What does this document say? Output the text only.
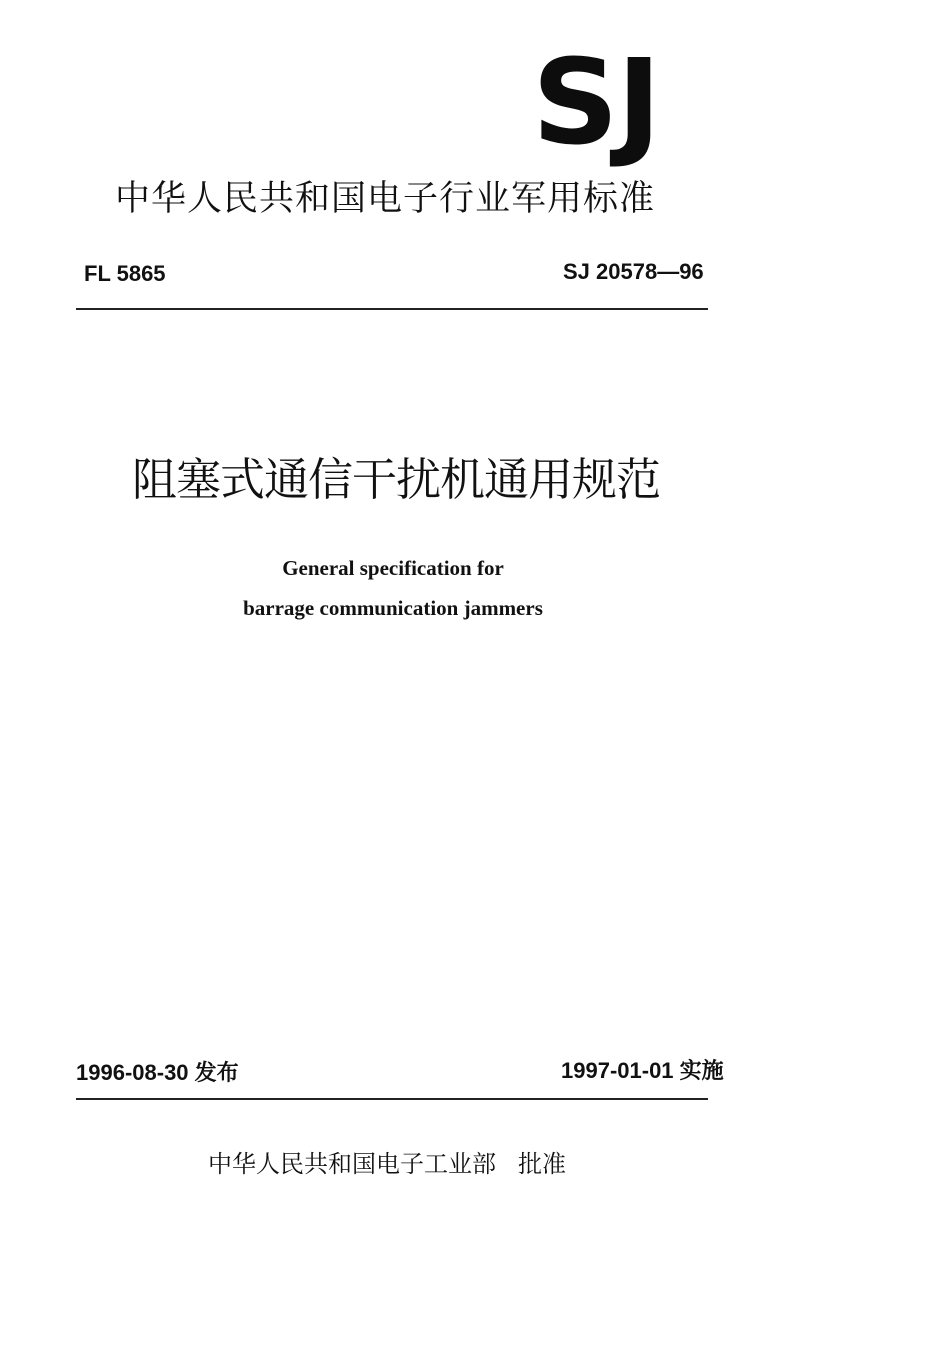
SJ
中华人民共和国电子行业军用标准
FL 5865	SJ 20578—96
阻塞式通信干扰机通用规范
General specification for
barrage communication jammers
1996-08-30 发布	1997-01-01 实施
中华人民共和国电子工业部 批准
